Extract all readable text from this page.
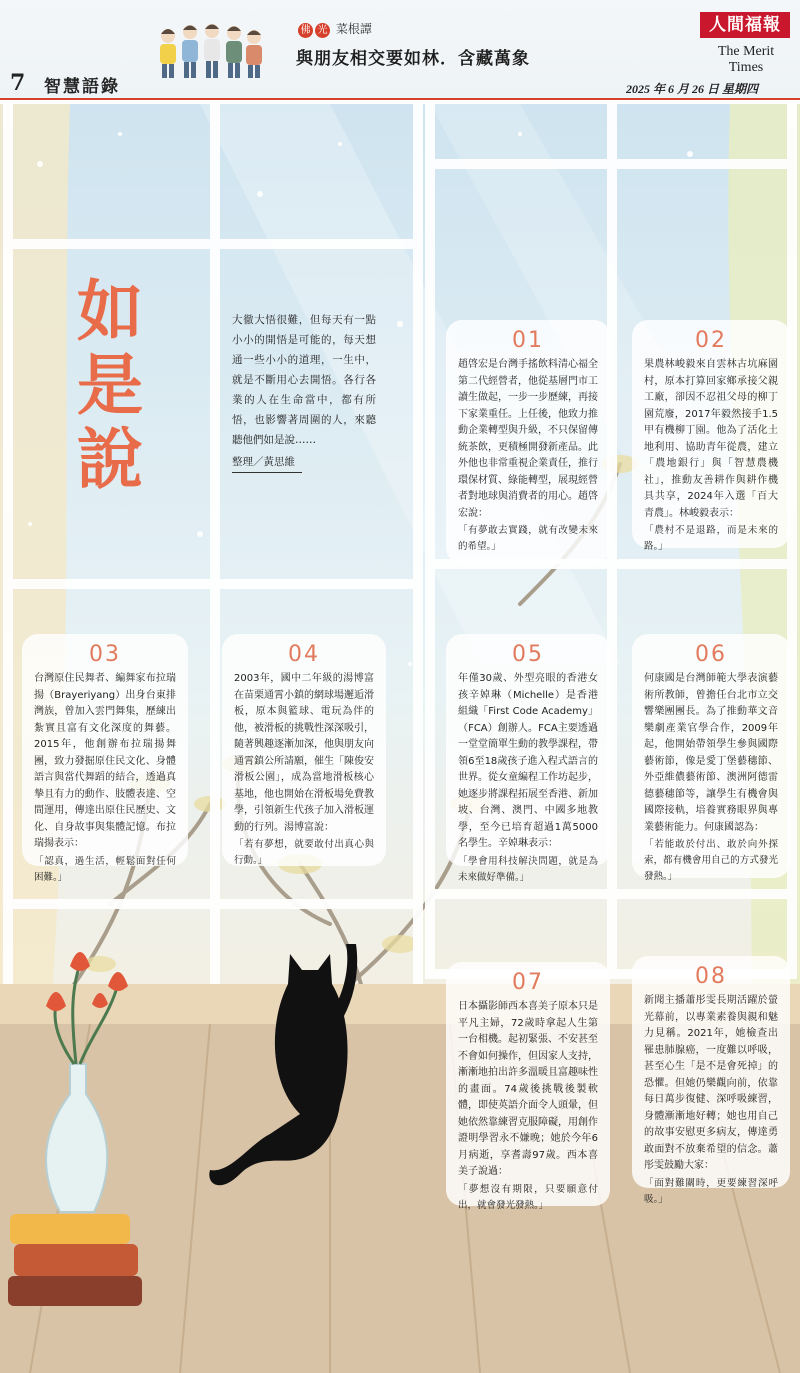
7 智慧語錄
佛 光 菜根譚
與朋友相交要如林．含藏萬象
人間福報
The Merit Times
2025 年 6 月 26 日 星期四
如
是
說
大徹大悟很難，但每天有一點小小的開悟是可能的，每天想通一些小小的道理，一生中，就是不斷用心去開悟。各行各業的人在生命當中，都有所悟，也影響著周圍的人，來聽聽他們如是說……
整理／黃思維
01
趙啓宏是台灣手搖飲料清心福全第二代經營者，他從基層門市工讀生做起，一步一步歷練，再接下家業重任。上任後，他致力推動企業轉型與升級，不只保留傳統茶飲，更積極開發新產品。此外他也非常重視企業責任，推行環保材質、綠能轉型，展現經營者對地球與消費者的用心。趙啓宏說：
「有夢敢去實踐，就有改變未來的希望。」
02
果農林峻毅來自雲林古坑麻園村，原本打算回家鄉承接父親工廠，卻因不忍祖父母的柳丁園荒廢，2017年毅然接手1.5甲有機柳丁園。他為了活化土地利用、協助青年從農，建立「農地銀行」與「智慧農機社」，推動友善耕作與耕作機具共享，2024年入選「百大青農」。林峻毅表示：
「農村不是退路，而是未來的路。」
03
台灣原住民舞者、編舞家布拉瑞揚（Brayeriyang）出身台東排灣族，曾加入雲門舞集，歷練出紮實且富有文化深度的舞藝。2015年，他創辦布拉瑞揚舞團，致力發掘原住民文化、身體語言與當代舞蹈的結合，透過真摯且有力的動作、肢體表達、空間運用，傳達出原住民歷史、文化、自身故事與集體記憶。布拉瑞揚表示：
「認真，過生活，輕鬆面對任何困難。」
04
2003年，國中二年級的湯博富在苗栗通霄小鎮的網球場邂逅滑板，原本與籃球、電玩為伴的他，被滑板的挑戰性深深吸引，隨著興趣逐漸加深，他與朋友向通霄鎮公所請願，催生「陳俊安滑板公園」，成為當地滑板核心基地，他也開始在滑板場免費教學，引領新生代孩子加入滑板運動的行列。湯博富說：
「若有夢想，就要敢付出真心與行動。」
05
年僅30歲、外型亮眼的香港女孩辛婥琳（Michelle）是香港組織「First Code Academy」（FCA）創辦人。FCA主要透過一堂堂簡單生動的教學課程，帶領6至18歲孩子進入程式語言的世界。從女童編程工作坊起步，她逐步將課程拓展至香港、新加坡、台灣、澳門、中國多地教學，至今已培育超過1萬5000名學生。辛婥琳表示：
「學會用科技解決問題，就是為未來做好準備。」
06
何康國是台灣師範大學表演藝術所教師，曾擔任台北市立交響樂團團長。為了推動華文音樂劇產業官學合作，2009年起，他開始帶領學生參與國際藝術節，像是愛丁堡藝穗節、外亞維儂藝術節、澳洲阿德雷德藝穗節等，讓學生有機會與國際接軌，培養實務眼界與專業藝術能力。何康國認為：
「若能敢於付出、敢於向外探索，都有機會用自己的方式發光發熱。」
07
日本攝影師西本喜美子原本只是平凡主婦，72歲時拿起人生第一台相機。起初緊張、不安甚至不會如何操作，但因家人支持，漸漸地拍出許多溫暖且富趣味性的畫面。74歲後挑戰後製軟體，即使英語介面令人頭暈，但她依然靠練習克服障礙，用創作證明學習永不嫌晚；她於今年6月病逝，享耆壽97歲。西本喜美子說過：
「夢想沒有期限，只要願意付出，就會發光發熱。」
08
新聞主播蕭彤雯長期活躍於螢光幕前，以專業素養與親和魅力見稱。2021年，她檢查出罹患肺腺癌，一度難以呼吸，甚至心生「是不是會死掉」的恐懼。但她仍樂觀向前，依靠每日萬步復健、深呼吸練習，身體漸漸地好轉；她也用自己的故事安慰更多病友，傳達勇敢面對不放棄希望的信念。蕭彤雯鼓勵大家：
「面對難關時，更要練習深呼吸。」
